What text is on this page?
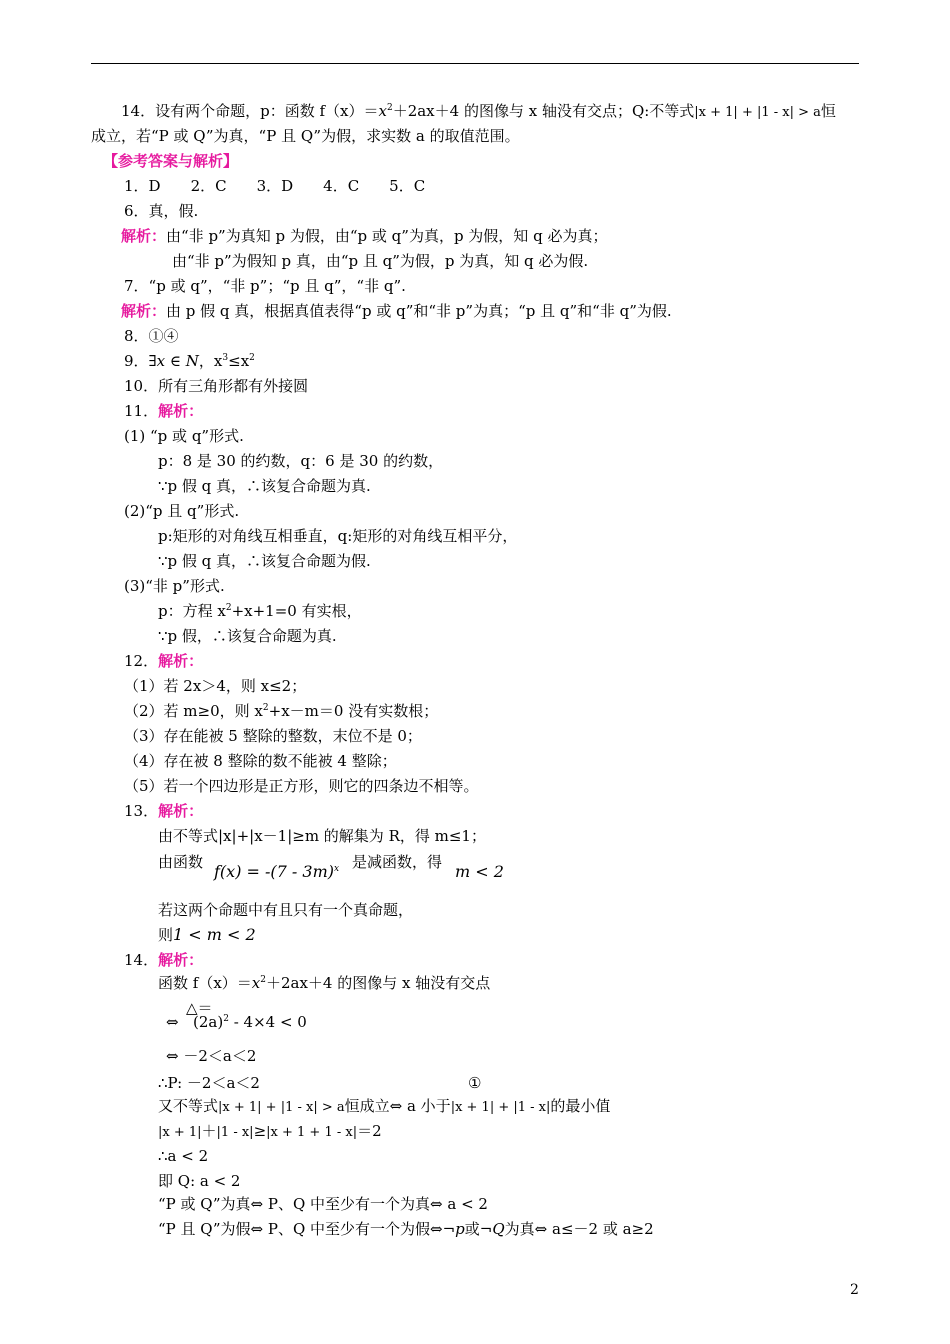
14．设有两个命题，p：函数 $f(x)=x^2+2ax+4$ 的图像与 x 轴没有交点；Q:不等式|x + 1| + |1 - x| > a恒
成立，若“P 或 Q”为真，“P 且 Q”为假，求实数 a 的取值范围。
【参考答案与解析】
1．D　　2．C　　3．D　　4．C　　5．C
6．真，假.
解析：由“非 p”为真知 p 为假，由“p 或 q”为真，p 为假，知 q 必为真；
由“非 p”为假知 p 真，由“p 且 q”为假，p 为真，知 q 必为假.
7．“p 或 q”，“非 p”；“p 且 q”，“非 q”.
解析：由 p 假 q 真，根据真值表得“p 或 q”和“非 p”为真；“p 且 q”和“非 q”为假.
8．①④
9．∃x ∈ N，$x^3\le x^2$
10．所有三角形都有外接圆
11．解析：
(1) “p 或 q”形式.
p：8 是 30 的约数，q：6 是 30 的约数，
∵p 假 q 真，∴该复合命题为真.
(2)“p 且 q”形式.
p:矩形的对角线互相垂直，q:矩形的对角线互相平分，
∵p 假 q 真，∴该复合命题为假.
(3)“非 p”形式.
p：方程 $x^2+x+1=0$ 有实根，
∵p 假，∴该复合命题为真.
12．解析：
（1）若 2x＞4，则 x≤2；
（2）若 m≥0，则 $x^2+x-m=0$ 没有实数根；
（3）存在能被 5 整除的整数，末位不是 0；
（4）存在被 8 整除的数不能被 4 整除；
（5）若一个四边形是正方形，则它的四条边不相等。
13．解析：
由不等式|x|+|x－1|≥m 的解集为 R，得 m≤1；
由函数 f(x) = -(7 - 3m)$^x$ 是减函数，得 m < 2
若这两个命题中有且只有一个真命题，
则1 < m < 2
14．解析：
函数 $f(x)=x^2+2ax+4$ 的图像与 x 轴没有交点
△＝
⇔ $(2a)^2 - 4\times 4 < 0$
⇔ －2＜a＜2
∴P: －2＜a＜2	①
又不等式|x + 1| + |1 - x| > a恒成立⇔ a 小于|x + 1| + |1 - x|的最小值
|x + 1|＋|1 - x|≥|x + 1 + 1 - x|＝2
∴a < 2
即 Q: a < 2
“P 或 Q”为真⇔ P、Q 中至少有一个为真⇔ a < 2
“P 且 Q”为假⇔ P、Q 中至少有一个为假⇔¬p或¬Q为真⇔ a≤－2 或 a≥2
2
